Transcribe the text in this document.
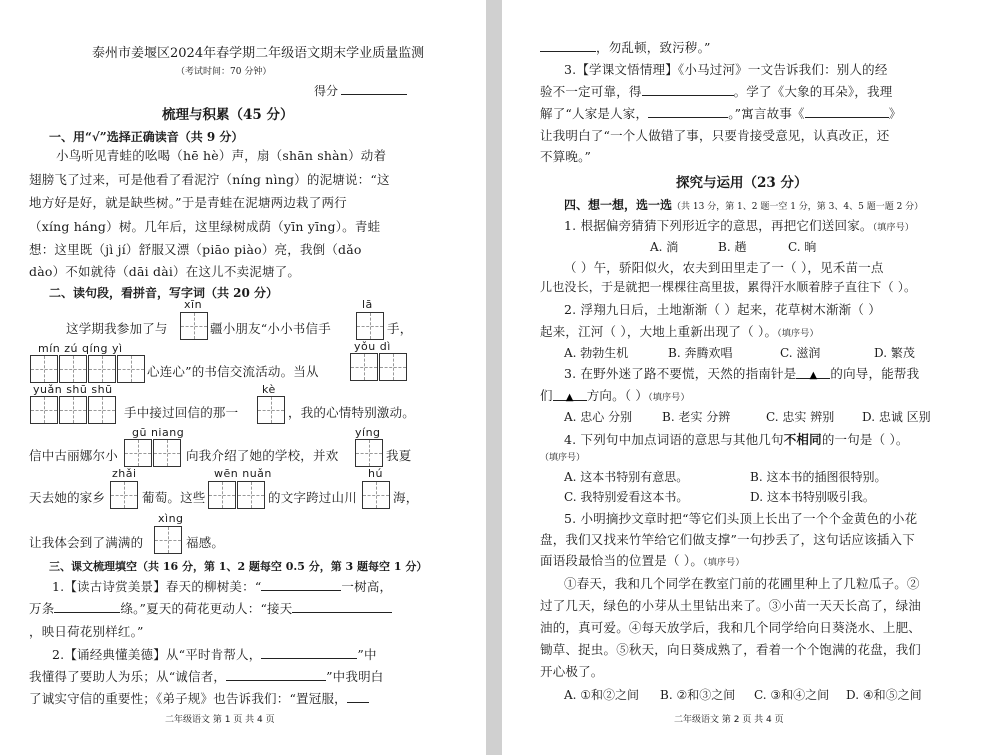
泰州市姜堰区2024年春学期二年级语文期末学业质量监测
（考试时间：70 分钟）
得分
梳理与积累（45 分）
一、用“√”选择正确读音（共 9 分）
小鸟听见青蛙的吆喝（hē hè）声，扇（shān shàn）动着
翅膀飞了过来，可是他看了看泥泞（níng nìng）的泥塘说：“这
地方好是好，就是缺些树。”于是青蛙在泥塘两边栽了两行
（xíng háng）树。几年后，这里绿树成荫（yīn yīng）。青蛙
想：这里既（jì jí）舒服又漂（piāo piào）亮，我倒（dǎo
dào）不如就待（dāi dài）在这儿不卖泥塘了。
二、读句段，看拼音，写字词（共 20 分）
xīn	lā
这学期我参加了与	疆小朋友“小小书信手	手，
mín zú qíng yì	yǒu dì
心连心”的书信交流活动。当从
yuǎn shū shū	kè
手中接过回信的那一	，我的心情特别激动。
gū niang	yíng
信中古丽娜尔小	向我介绍了她的学校，并欢	我夏
zhǎi	wēn nuǎn	hú
天去她的家乡	葡萄。这些	的文字跨过山川	海，
xìng
让我体会到了满满的	福感。
三、课文梳理填空（共 16 分，第 1、2 题每空 0.5 分，第 3 题每空 1 分）
1.【读古诗赏美景】春天的柳树美：“	一树高，
万条	绦。”夏天的荷花更动人：“接天
，映日荷花别样红。”
2.【诵经典懂美德】从“平时肯帮人，	”中
我懂得了要助人为乐；从“诚信者，	”中我明白
了诚实守信的重要性；《弟子规》也告诉我们：“置冠服，
二年级语文 第 1 页 共 4 页
，勿乱顿，致污秽。”
3.【学课文悟情理】《小马过河》一文告诉我们：别人的经
验不一定可靠，得	。学了《大象的耳朵》，我理
解了“人家是人家，	。”寓言故事《	》
让我明白了“一个人做错了事，只要肯接受意见，认真改正，还
不算晚。”
探究与运用（23 分）
四、想一想，选一选（共 13 分，第 1、2 题一空 1 分，第 3、4、5 题一题 2 分）
1. 根据偏旁猜猜下列形近字的意思，再把它们送回家。（填序号）
A. 淌	B. 趟	C. 晌
（ ）午，骄阳似火，农夫到田里走了一（ ），见禾苗一点
儿也没长，于是就把一棵棵往高里拔，累得汗水顺着脖子直往下（ ）。
2. 浮翔九日后，土地渐渐（ ）起来，花草树木渐渐（ ）
起来，江河（ ），大地上重新出现了（ ）。（填序号）
A. 勃勃生机	B. 奔腾欢唱	C. 滋润	D. 繁茂
3. 在野外迷了路不要慌，天然的指南针是 ▲ 的向导，能帮我
们 ▲ 方向。（ ）（填序号）
A. 忠心 分别 B. 老实 分辨	C. 忠实 辨别 D. 忠诚 区别
4. 下列句中加点词语的意思与其他几句不相同的一句是（ ）。
（填序号）
A. 这本书特别有意思。	B. 这本书的插图很特别。
C. 我特别爱看这本书。	D. 这本书特别吸引我。
5. 小明摘抄文章时把“等它们头顶上长出了一个个金黄色的小花
盘，我们又找来竹竿给它们做支撑”一句抄丢了，这句话应该插入下
面语段最恰当的位置是（ ）。（填序号）
①春天，我和几个同学在教室门前的花圃里种上了几粒瓜子。②
过了几天，绿色的小芽从土里钻出来了。③小苗一天天长高了，绿油
油的，真可爱。④每天放学后，我和几个同学给向日葵浇水、上肥、
锄草、捉虫。⑤秋天，向日葵成熟了，看着一个个饱满的花盘，我们
开心极了。
A. ①和②之间 B. ②和③之间 C. ③和④之间 D. ④和⑤之间
二年级语文 第 2 页 共 4 页
